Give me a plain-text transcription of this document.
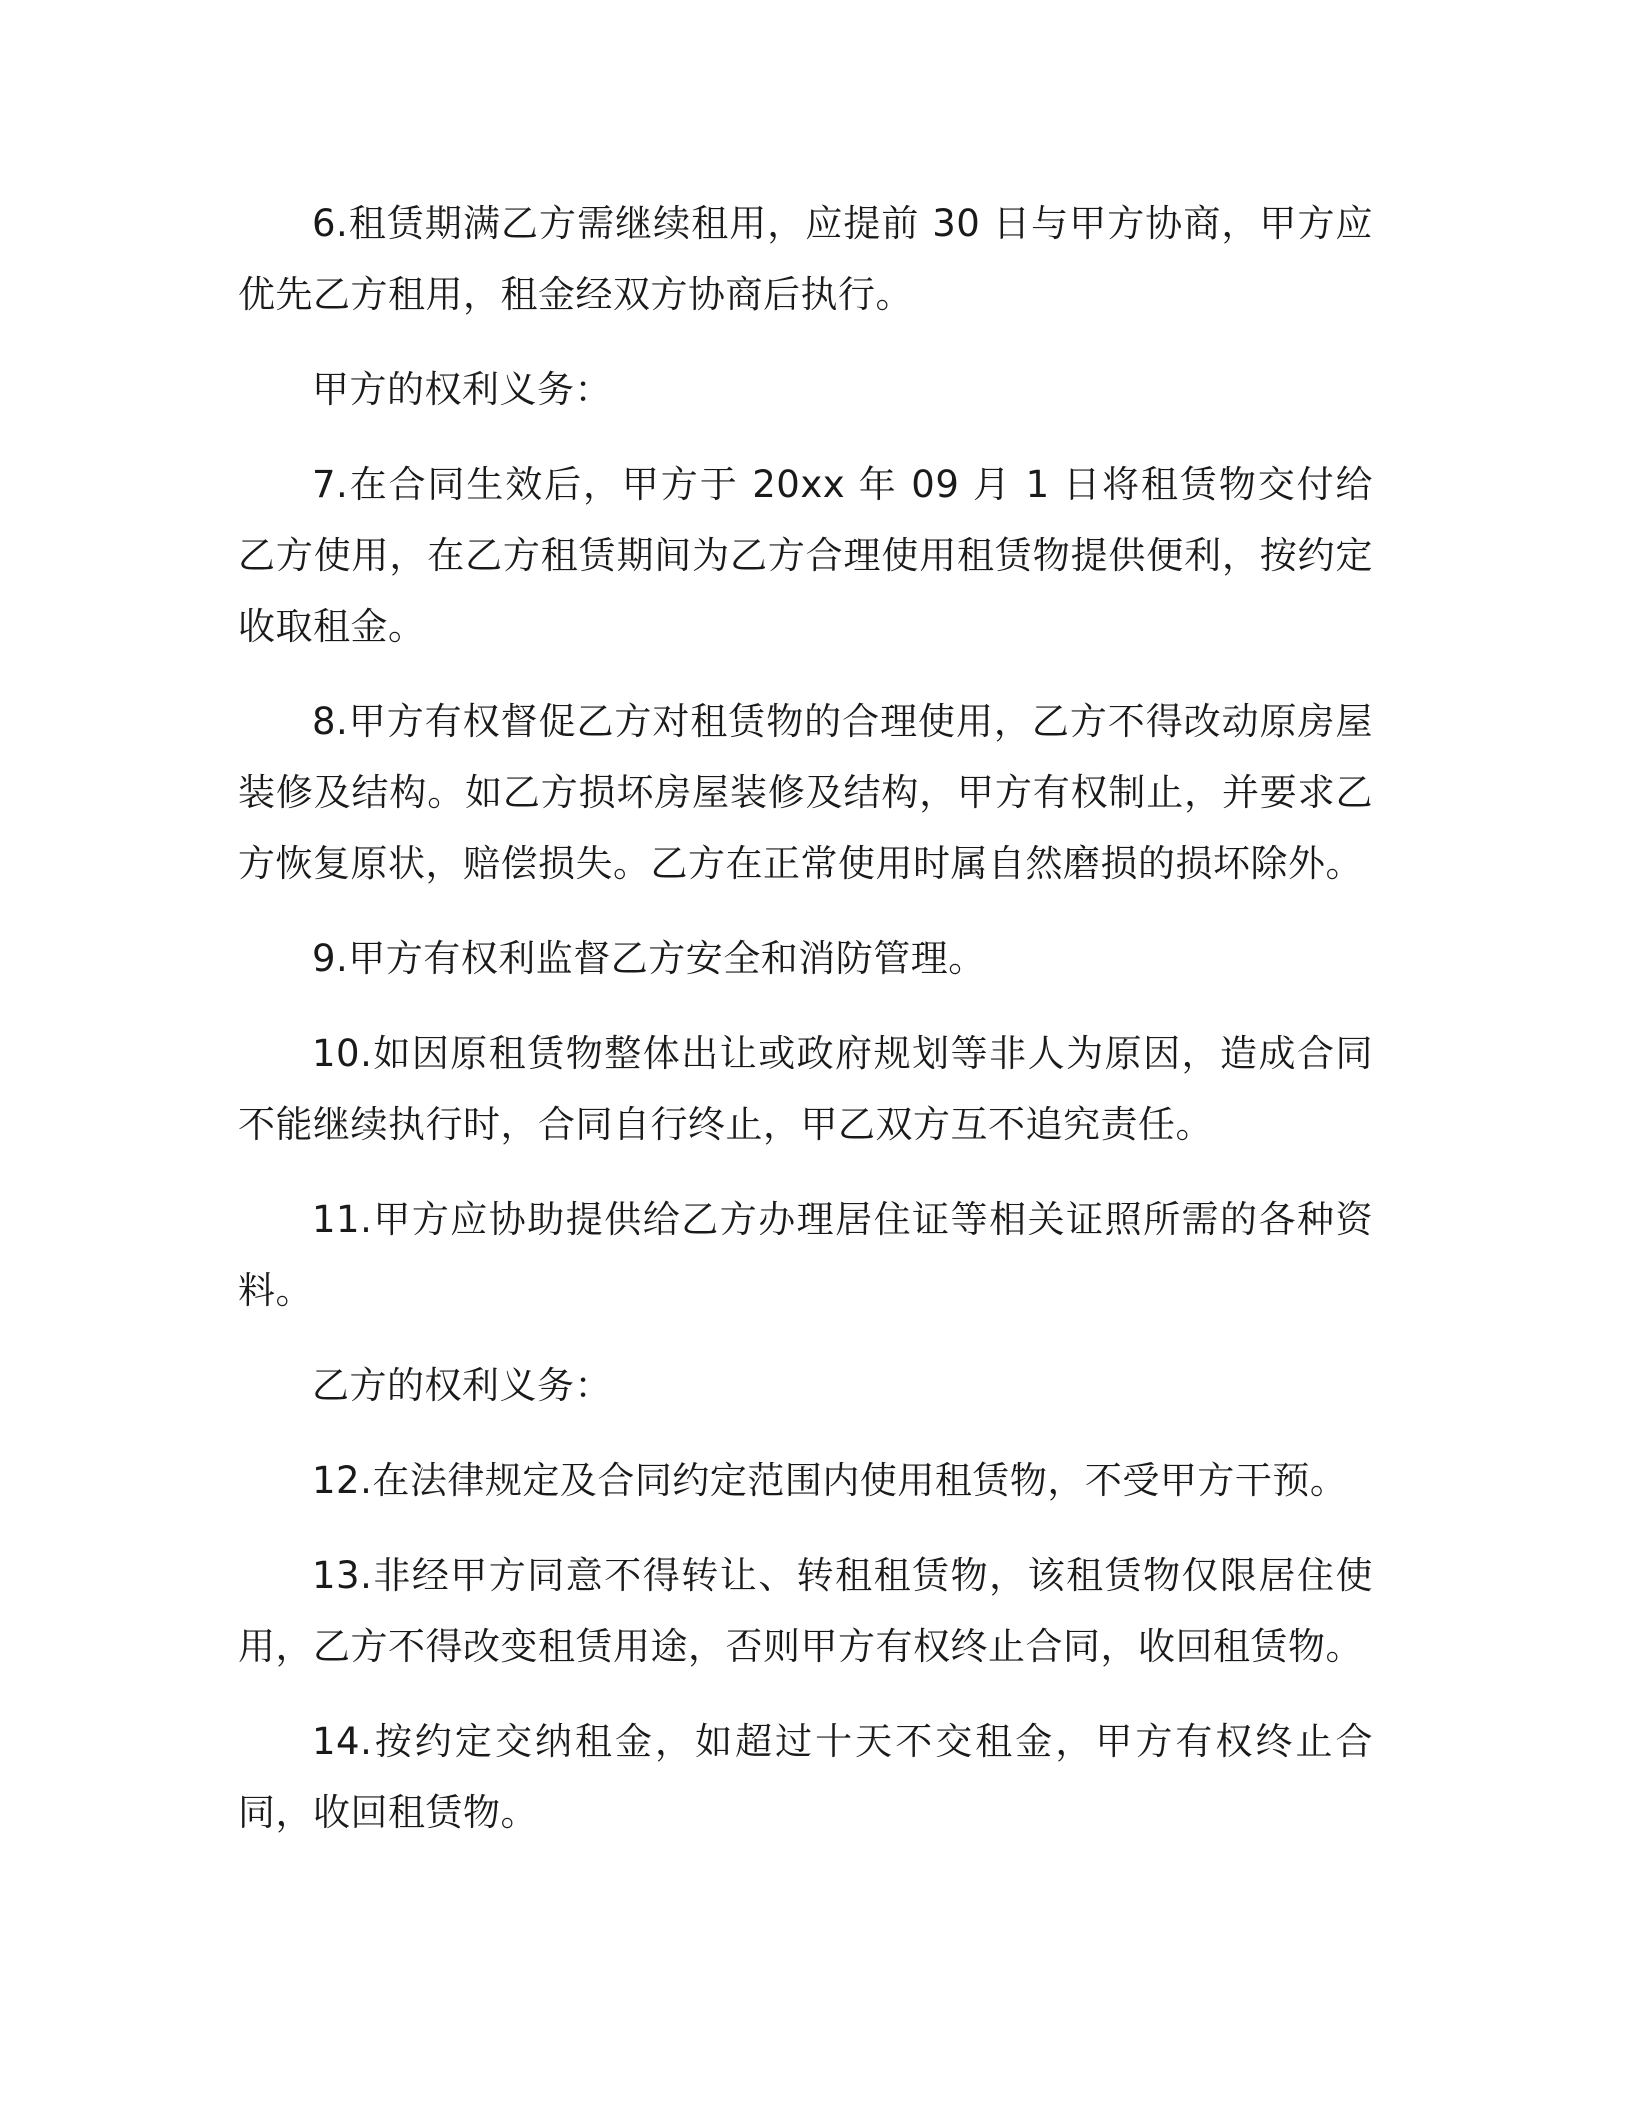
6.租赁期满乙方需继续租用，应提前 30 日与甲方协商，甲方应优先乙方租用，租金经双方协商后执行。

甲方的权利义务：

7.在合同生效后，甲方于 20xx 年 09 月 1 日将租赁物交付给乙方使用，在乙方租赁期间为乙方合理使用租赁物提供便利，按约定收取租金。

8.甲方有权督促乙方对租赁物的合理使用，乙方不得改动原房屋装修及结构。如乙方损坏房屋装修及结构，甲方有权制止，并要求乙方恢复原状，赔偿损失。乙方在正常使用时属自然磨损的损坏除外。

9.甲方有权利监督乙方安全和消防管理。

10.如因原租赁物整体出让或政府规划等非人为原因，造成合同不能继续执行时，合同自行终止，甲乙双方互不追究责任。

11.甲方应协助提供给乙方办理居住证等相关证照所需的各种资料。

乙方的权利义务：

12.在法律规定及合同约定范围内使用租赁物，不受甲方干预。

13.非经甲方同意不得转让、转租租赁物，该租赁物仅限居住使用，乙方不得改变租赁用途，否则甲方有权终止合同，收回租赁物。

14.按约定交纳租金，如超过十天不交租金，甲方有权终止合同，收回租赁物。
